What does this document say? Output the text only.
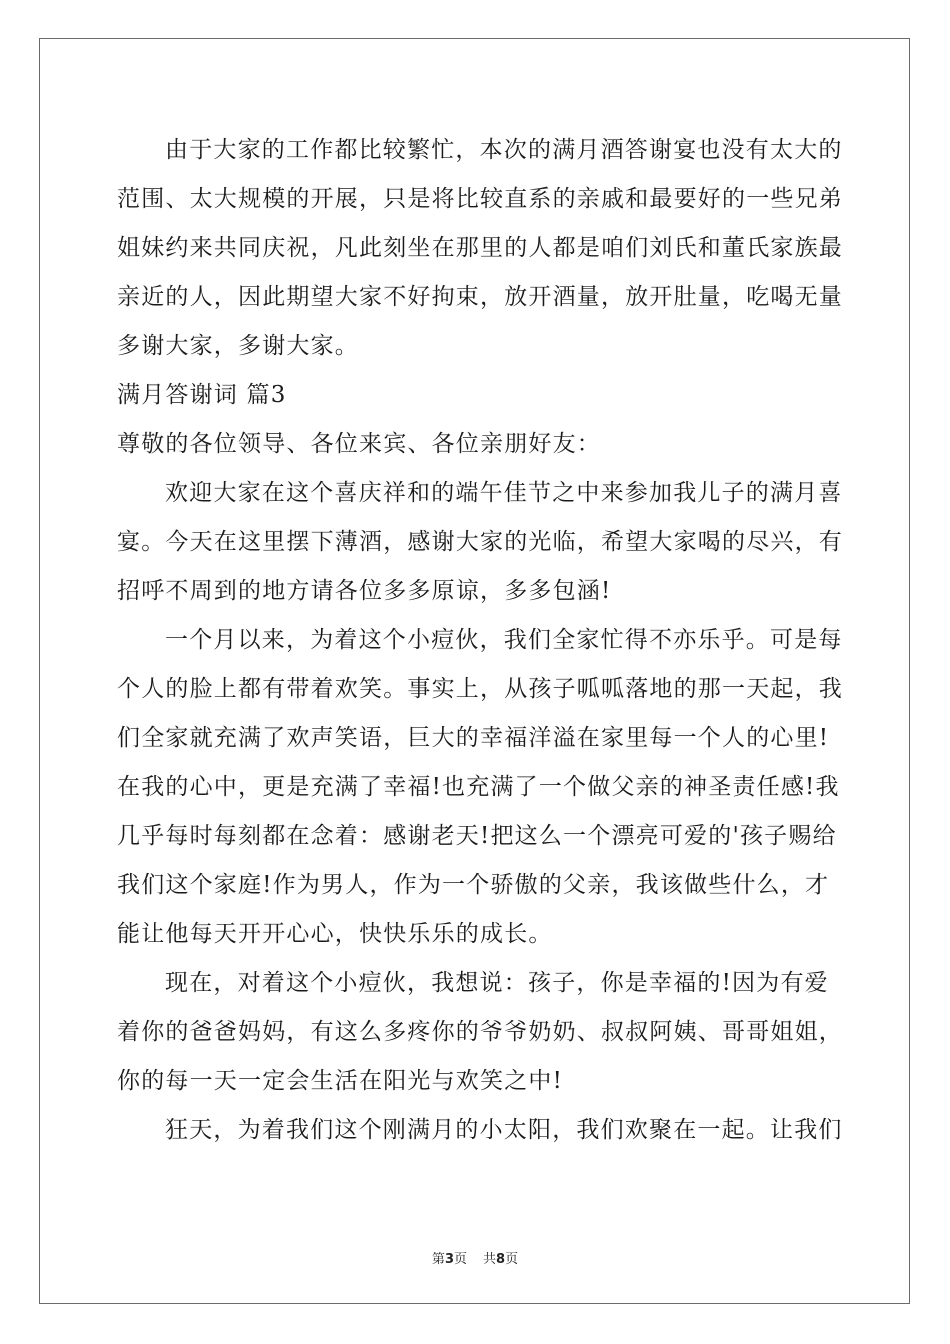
由于大家的工作都比较繁忙，本次的满月酒答谢宴也没有太大的
范围、太大规模的开展，只是将比较直系的亲戚和最要好的一些兄弟
姐妹约来共同庆祝，凡此刻坐在那里的人都是咱们刘氏和董氏家族最
亲近的人，因此期望大家不好拘束，放开酒量，放开肚量，吃喝无量
多谢大家，多谢大家。
满月答谢词 篇3
尊敬的各位领导、各位来宾、各位亲朋好友：
欢迎大家在这个喜庆祥和的端午佳节之中来参加我儿子的满月喜
宴。今天在这里摆下薄酒，感谢大家的光临，希望大家喝的尽兴，有
招呼不周到的地方请各位多多原谅，多多包涵!
一个月以来，为着这个小痘伙，我们全家忙得不亦乐乎。可是每
个人的脸上都有带着欢笑。事实上，从孩子呱呱落地的那一天起，我
们全家就充满了欢声笑语，巨大的幸福洋溢在家里每一个人的心里!
在我的心中，更是充满了幸福!也充满了一个做父亲的神圣责任感!我
几乎每时每刻都在念着：感谢老天!把这么一个漂亮可爱的'孩子赐给
我们这个家庭!作为男人，作为一个骄傲的父亲，我该做些什么，才
能让他每天开开心心，快快乐乐的成长。
现在，对着这个小痘伙，我想说：孩子，你是幸福的!因为有爱
着你的爸爸妈妈，有这么多疼你的爷爷奶奶、叔叔阿姨、哥哥姐姐，
你的每一天一定会生活在阳光与欢笑之中!
狂天，为着我们这个刚满月的小太阳，我们欢聚在一起。让我们
第3页 共8页
